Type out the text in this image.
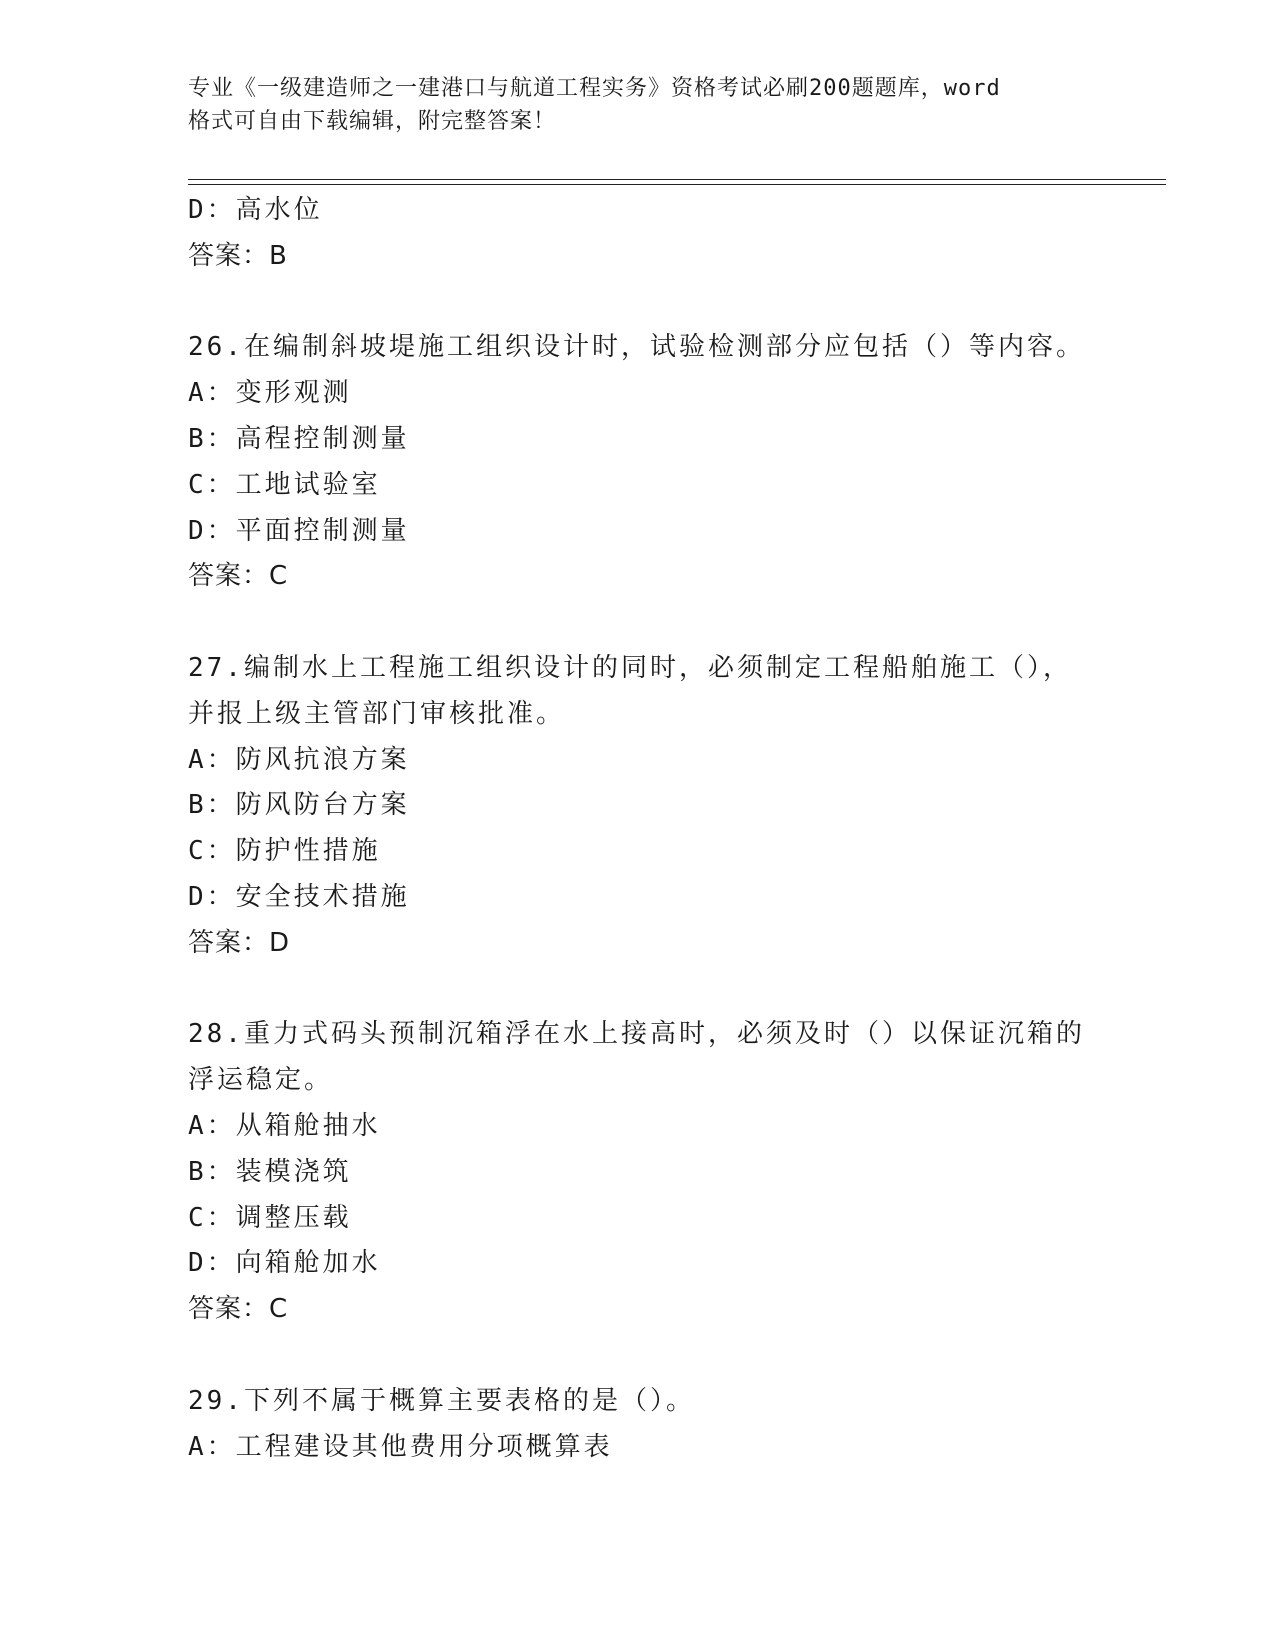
专业《一级建造师之一建港口与航道工程实务》资格考试必刷200题题库，word
格式可自由下载编辑，附完整答案！
D：高水位
答案：B
26.在编制斜坡堤施工组织设计时，试验检测部分应包括（）等内容。
A：变形观测
B：高程控制测量
C：工地试验室
D：平面控制测量
答案：C
27.编制水上工程施工组织设计的同时，必须制定工程船舶施工（），
并报上级主管部门审核批准。
A：防风抗浪方案
B：防风防台方案
C：防护性措施
D：安全技术措施
答案：D
28.重力式码头预制沉箱浮在水上接高时，必须及时（）以保证沉箱的
浮运稳定。
A：从箱舱抽水
B：装模浇筑
C：调整压载
D：向箱舱加水
答案：C
29.下列不属于概算主要表格的是（）。
A：工程建设其他费用分项概算表
